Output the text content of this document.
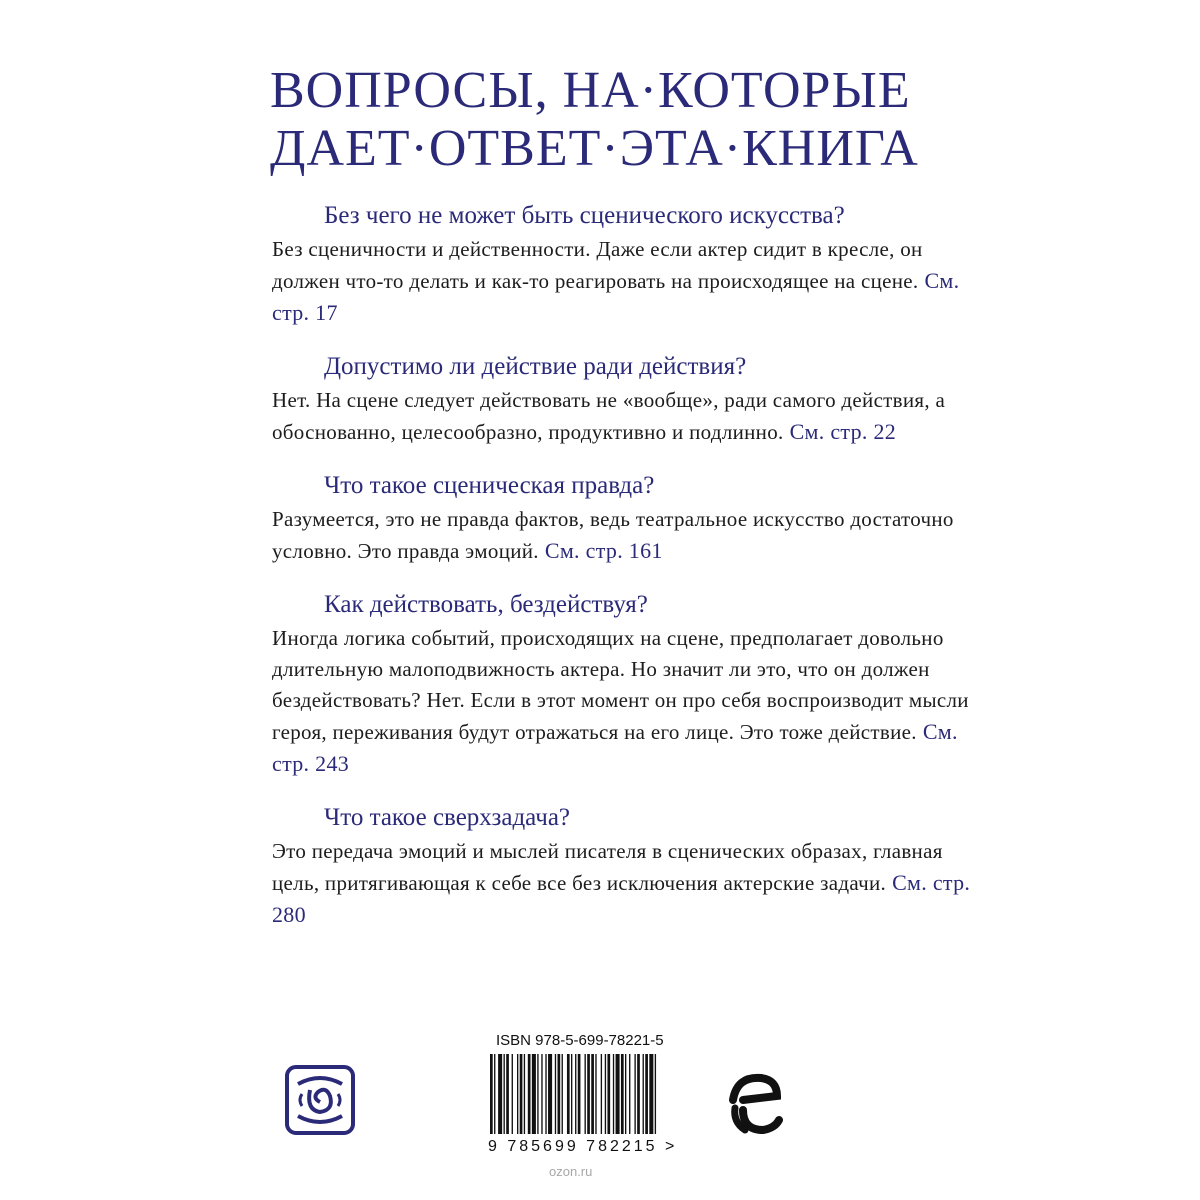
ВОПРОСЫ, НА·КОТОРЫЕ
ДАЕТ·ОТВЕТ·ЭТА·КНИГА

Без чего не может быть сценического искусства?

Без сценичности и действенности. Даже если актер сидит в кресле, он должен что-то делать и как-то реагировать на происходящее на сцене. См. стр. 17

Допустимо ли действие ради действия?

Нет. На сцене следует действовать не «вообще», ради самого действия, а обоснованно, целесообразно, продуктивно и подлинно. См. стр. 22

Что такое сценическая правда?

Разумеется, это не правда фактов, ведь театральное искусство достаточно условно. Это правда эмоций. См. стр. 161

Как действовать, бездействуя?

Иногда логика событий, происходящих на сцене, предполагает довольно длительную малоподвижность актера. Но значит ли это, что он должен бездействовать? Нет. Если в этот момент он про себя воспроизводит мысли героя, переживания будут отражаться на его лице. Это тоже действие. См. стр. 243

Что такое сверхзадача?

Это передача эмоций и мыслей писателя в сценических образах, главная цель, притягивающая к себе все без исключения актерские задачи. См. стр. 280

ISBN 978-5-699-78221-5
9 785699 782215 >
ozon.ru
